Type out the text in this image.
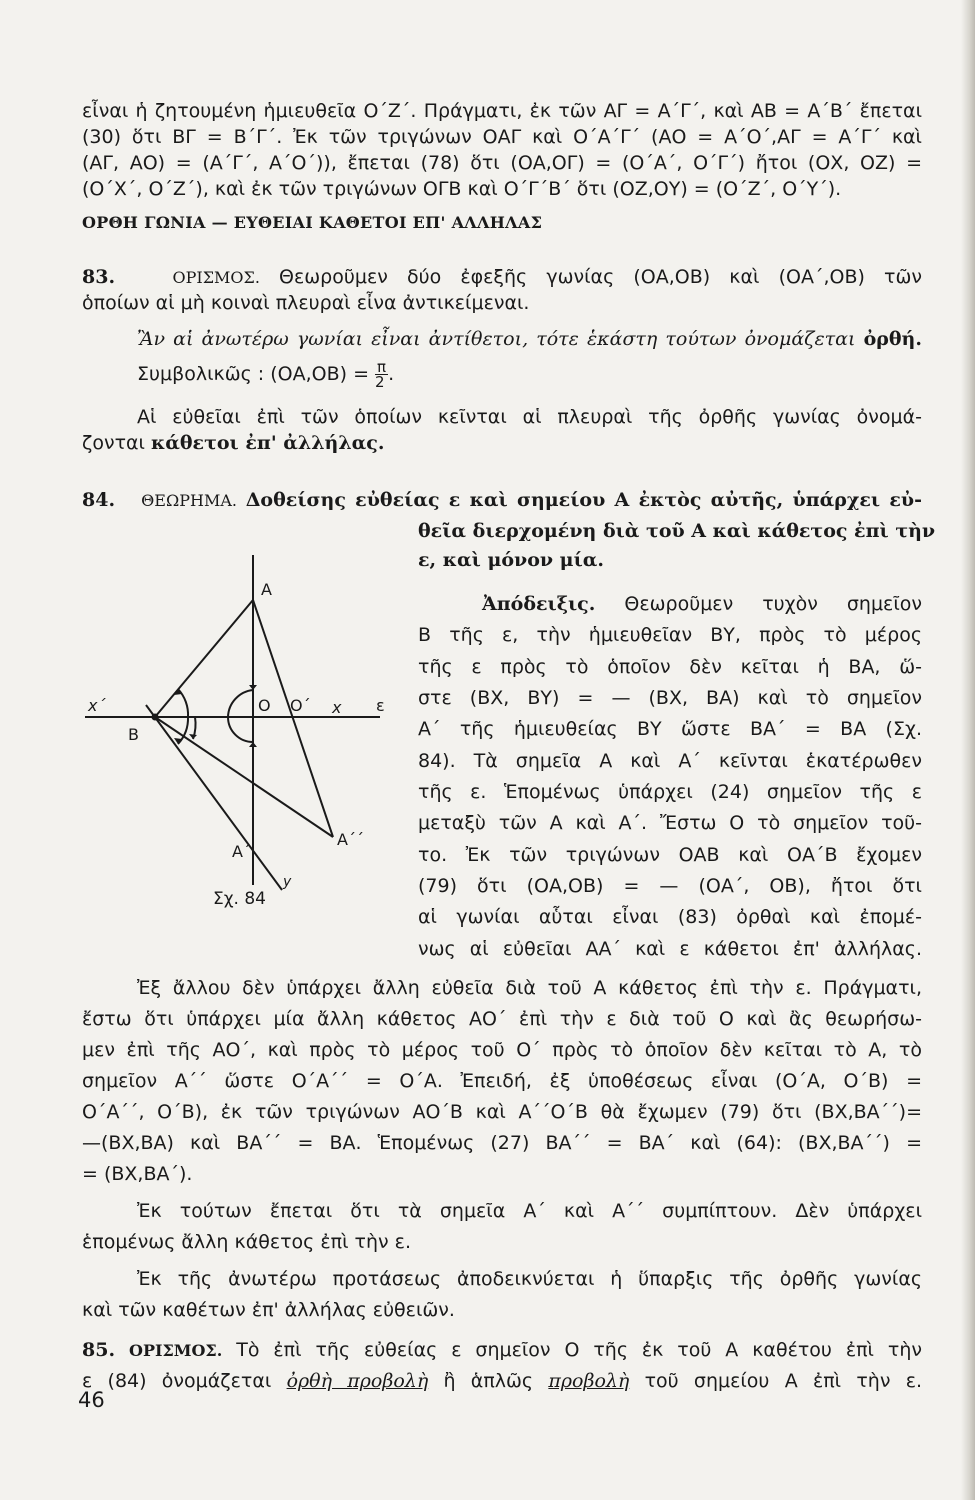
εἶναι ἡ ζητουμένη ἡμιευθεῖα Ο΄Ζ΄. Πράγματι, ἐκ τῶν ΑΓ = Α΄Γ΄, καὶ ΑΒ = Α΄Β΄ ἔπεται
(30) ὅτι ΒΓ = Β΄Γ΄. Ἐκ τῶν τριγώνων ΟΑΓ καὶ Ο΄Α΄Γ΄ (ΑΟ = Α΄Ο΄,ΑΓ = Α΄Γ΄ καὶ
(ΑΓ, ΑΟ) = (Α΄Γ΄, Α΄Ο΄)), ἔπεται (78) ὅτι (ΟΑ,ΟΓ) = (Ο΄Α΄, Ο΄Γ΄) ἤτοι (ΟΧ, ΟΖ) =
(Ο΄Χ΄, Ο΄Ζ΄), καὶ ἐκ τῶν τριγώνων ΟΓΒ καὶ Ο΄Γ΄Β΄ ὅτι (ΟΖ,ΟΥ) = (Ο΄Ζ΄, Ο΄Υ΄).
ΟΡΘΗ ΓΩΝΙΑ — ΕΥΘΕΙΑΙ ΚΑΘΕΤΟΙ ΕΠ' ΑΛΛΗΛΑΣ
83.	ΟΡΙΣΜΟΣ. Θεωροῦμεν δύο ἐφεξῆς γωνίας (ΟΑ,ΟΒ) καὶ (ΟΑ΄,ΟΒ) τῶν
ὁποίων αἱ μὴ κοιναὶ πλευραὶ εἶνα ἀντικείμεναι.
Ἂν αἱ ἀνωτέρω γωνίαι εἶναι ἀντίθετοι, τότε ἑκάστη τούτων ὀνομάζεται ὀρθή.
Συμβολικῶς : $(OA,OB) = \frac{\pi}{2}$ .
Αἱ εὐθεῖαι ἐπὶ τῶν ὁποίων κεῖνται αἱ πλευραὶ τῆς ὀρθῆς γωνίας ὀνομά-
ζονται κάθετοι ἐπ' ἀλλήλας.
84. ΘΕΩΡΗΜΑ. Δοθείσης εὐθείας ε καὶ σημείου Α ἐκτὸς αὐτῆς, ὑπάρχει εὐ-
θεῖα διερχομένη διὰ τοῦ Α καὶ κάθετος ἐπὶ τὴν
ε, καὶ μόνον μία.
Ἀπόδειξις. Θεωροῦμεν τυχὸν σημεῖον
Β τῆς ε, τὴν ἡμιευθεῖαν ΒΥ, πρὸς τὸ μέρος
τῆς ε πρὸς τὸ ὁποῖον δὲν κεῖται ἡ ΒΑ, ὥ-
στε (ΒΧ, ΒΥ) = — (ΒΧ, ΒΑ) καὶ τὸ σημεῖον
Α΄ τῆς ἡμιευθείας ΒΥ ὥστε ΒΑ΄ = ΒΑ (Σχ.
84). Τὰ σημεῖα Α καὶ Α΄ κεῖνται ἑκατέρωθεν
τῆς ε. Ἑπομένως ὑπάρχει (24) σημεῖον τῆς ε
μεταξὺ τῶν Α καὶ Α΄. Ἔστω Ο τὸ σημεῖον τοῦ-
το. Ἐκ τῶν τριγώνων ΟΑΒ καὶ ΟΑ΄Β ἔχομεν
(79) ὅτι (ΟΑ,ΟΒ) = — (ΟΑ΄, ΟΒ), ἤτοι ὅτι
αἱ γωνίαι αὗται εἶναι (83) ὀρθαὶ καὶ ἐπομέ-
νως αἱ εὐθεῖαι ΑΑ΄ καὶ ε κάθετοι ἐπ' ἀλλήλας.
A
B
O O΄
x΄	x ε
A΄
A΄΄
y
Σχ. 84
Ἐξ ἄλλου δὲν ὑπάρχει ἄλλη εὐθεῖα διὰ τοῦ Α κάθετος ἐπὶ τὴν ε. Πράγματι,
ἔστω ὅτι ὑπάρχει μία ἄλλη κάθετος ΑΟ΄ ἐπὶ τὴν ε διὰ τοῦ Ο καὶ ἂς θεωρήσω-
μεν ἐπὶ τῆς ΑΟ΄, καὶ πρὸς τὸ μέρος τοῦ Ο΄ πρὸς τὸ ὁποῖον δὲν κεῖται τὸ Α, τὸ
σημεῖον Α΄΄ ὥστε Ο΄Α΄΄ = Ο΄Α. Ἐπειδή, ἐξ ὑποθέσεως εἶναι (Ο΄Α, Ο΄Β) =
Ο΄Α΄΄, Ο΄Β), ἐκ τῶν τριγώνων ΑΟ΄Β καὶ Α΄΄Ο΄Β θὰ ἔχωμεν (79) ὅτι (ΒΧ,ΒΑ΄΄)=
—(ΒΧ,ΒΑ) καὶ ΒΑ΄΄ = ΒΑ. Ἑπομένως (27) ΒΑ΄΄ = ΒΑ΄ καὶ (64): (ΒΧ,ΒΑ΄΄) =
= (ΒΧ,ΒΑ΄).
Ἐκ τούτων ἔπεται ὅτι τὰ σημεῖα Α΄ καὶ Α΄΄ συμπίπτουν. Δὲν ὑπάρχει
ἑπομένως ἄλλη κάθετος ἐπὶ τὴν ε.
Ἐκ τῆς ἀνωτέρω προτάσεως ἀποδεικνύεται ἡ ὕπαρξις τῆς ὀρθῆς γωνίας
καὶ τῶν καθέτων ἐπ' ἀλλήλας εὐθειῶν.
85. ΟΡΙΣΜΟΣ. Τὸ ἐπὶ τῆς εὐθείας ε σημεῖον Ο τῆς ἐκ τοῦ Α καθέτου ἐπὶ τὴν
ε (84) ὀνομάζεται ὀρθὴ προβολὴ ἢ ἁπλῶς προβολὴ τοῦ σημείου Α ἐπὶ τὴν ε.
46
